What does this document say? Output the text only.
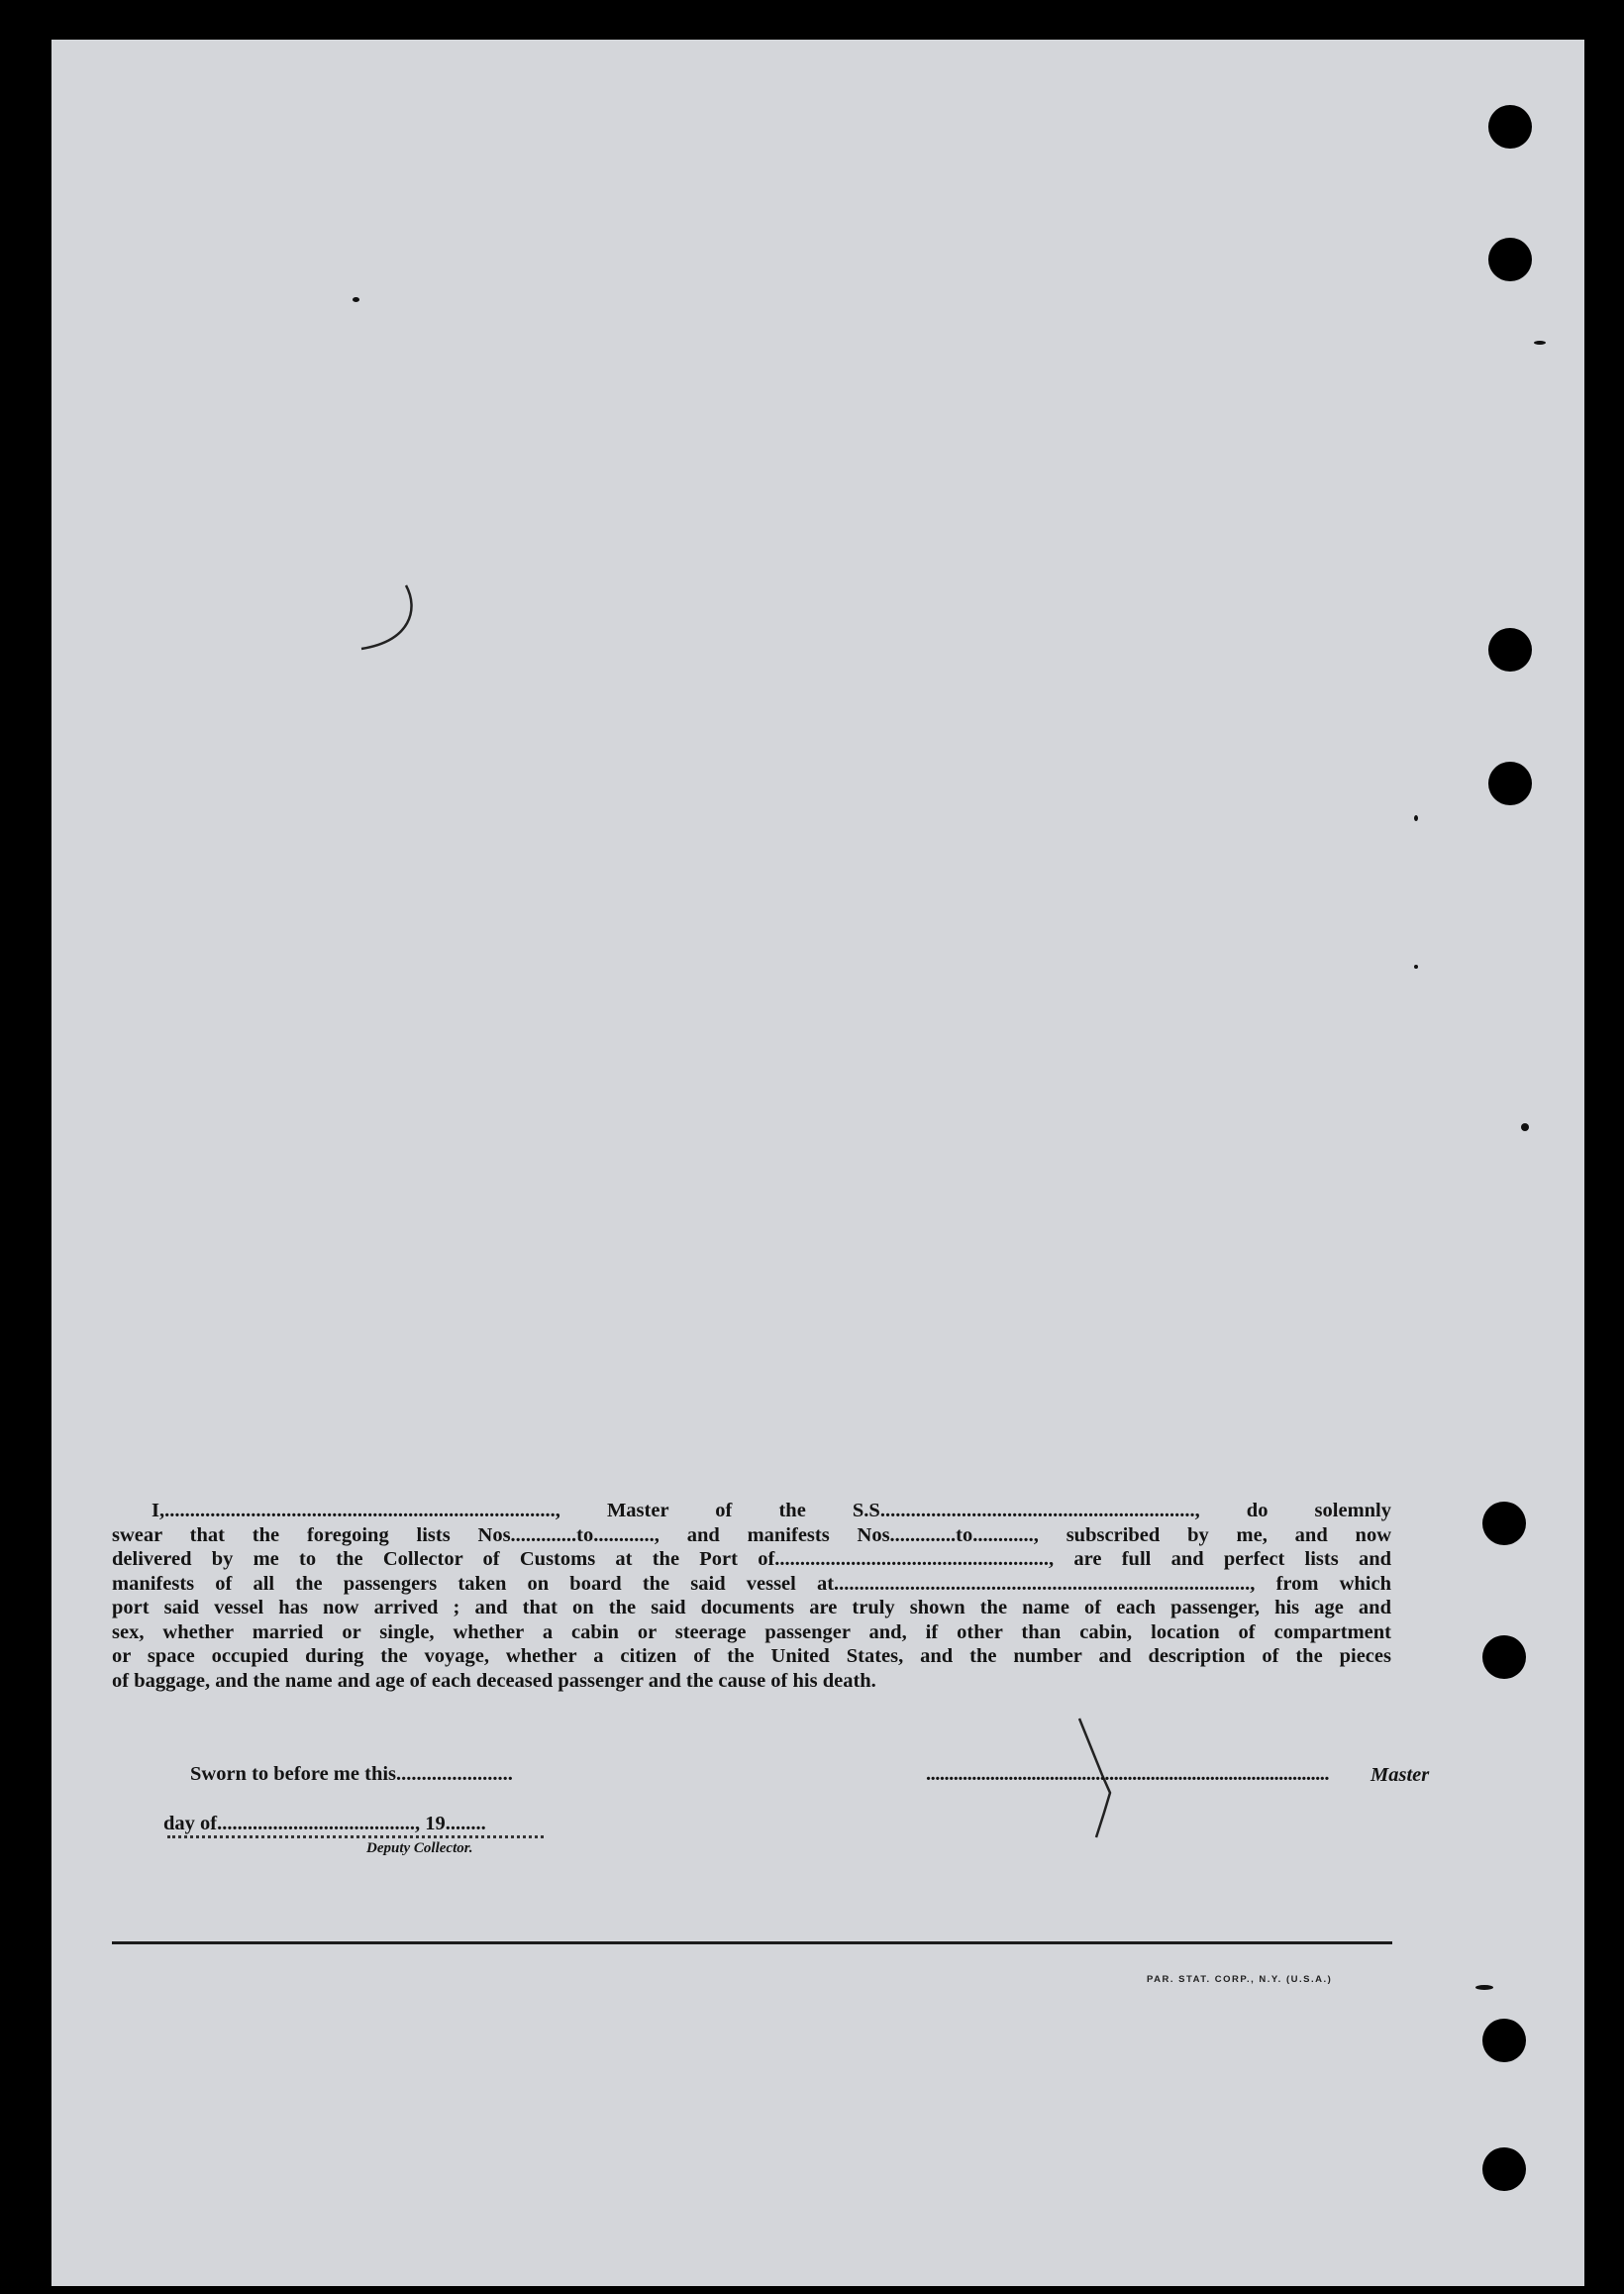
I,............................................................................., Master of the S.S.............................................................., do solemnly
swear that the foregoing lists Nos.............to............, and manifests Nos.............to............, subscribed by me, and now
delivered by me to the Collector of Customs at the Port of......................................................, are full and perfect lists and
manifests of all the passengers taken on board the said vessel at.................................................................................., from which
port said vessel has now arrived ; and that on the said documents are truly shown the name of each passenger, his age and
sex, whether married or single, whether a cabin or steerage passenger and, if other than cabin, location of compartment
or space occupied during the voyage, whether a citizen of the United States, and the number and description of the pieces
of baggage, and the name and age of each deceased passenger and the cause of his death.
Sworn to before me this.......................
day of......................................., 19........
........................................................................................ Master
Deputy Collector.
PAR. STAT. CORP., N.Y. (U.S.A.)
